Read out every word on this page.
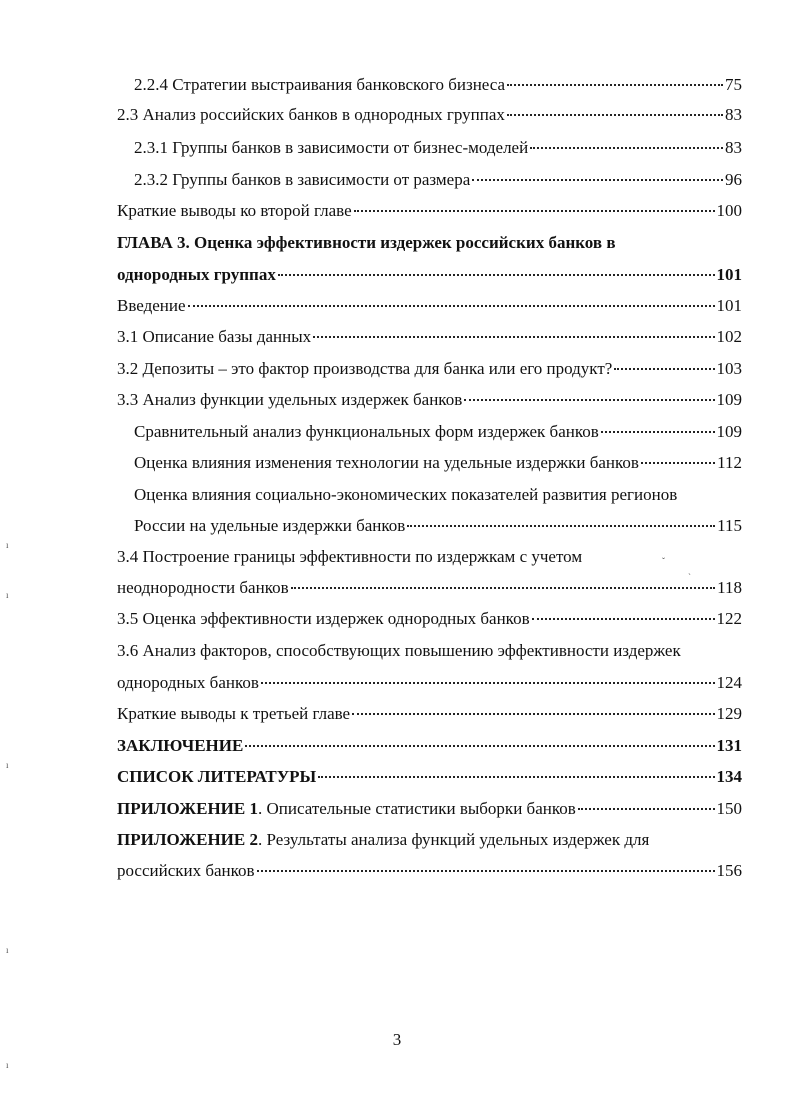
2.2.4 Стратегии выстраивания банковского бизнеса	75
2.3 Анализ российских банков в однородных группах	83
2.3.1 Группы банков в зависимости от бизнес-моделей	83
2.3.2 Группы банков в зависимости от размера	96
Краткие выводы ко второй главе	100
ГЛАВА 3. Оценка эффективности издержек российских банков в
однородных группах	101
Введение	101
3.1 Описание базы данных	102
3.2 Депозиты – это фактор производства для банка или его продукт?	103
3.3 Анализ функции удельных издержек банков	109
Сравнительный анализ функциональных форм издержек банков	109
Оценка влияния изменения технологии на удельные издержки банков	112
Оценка влияния социально-экономических показателей развития регионов
России на удельные издержки банков	115
3.4 Построение границы эффективности по издержкам с учетом
неоднородности банков	118
3.5 Оценка эффективности издержек однородных банков	122
3.6 Анализ факторов, способствующих повышению эффективности издержек
однородных банков	124
Краткие выводы к третьей главе	129
ЗАКЛЮЧЕНИЕ	131
СПИСОК ЛИТЕРАТУРЫ	134
ПРИЛОЖЕНИЕ 1. Описательные статистики выборки банков	150
ПРИЛОЖЕНИЕ 2. Результаты анализа функций удельных издержек для
российских банков	156
ˇ
`
ı
ı
ı
ı
ı
3
